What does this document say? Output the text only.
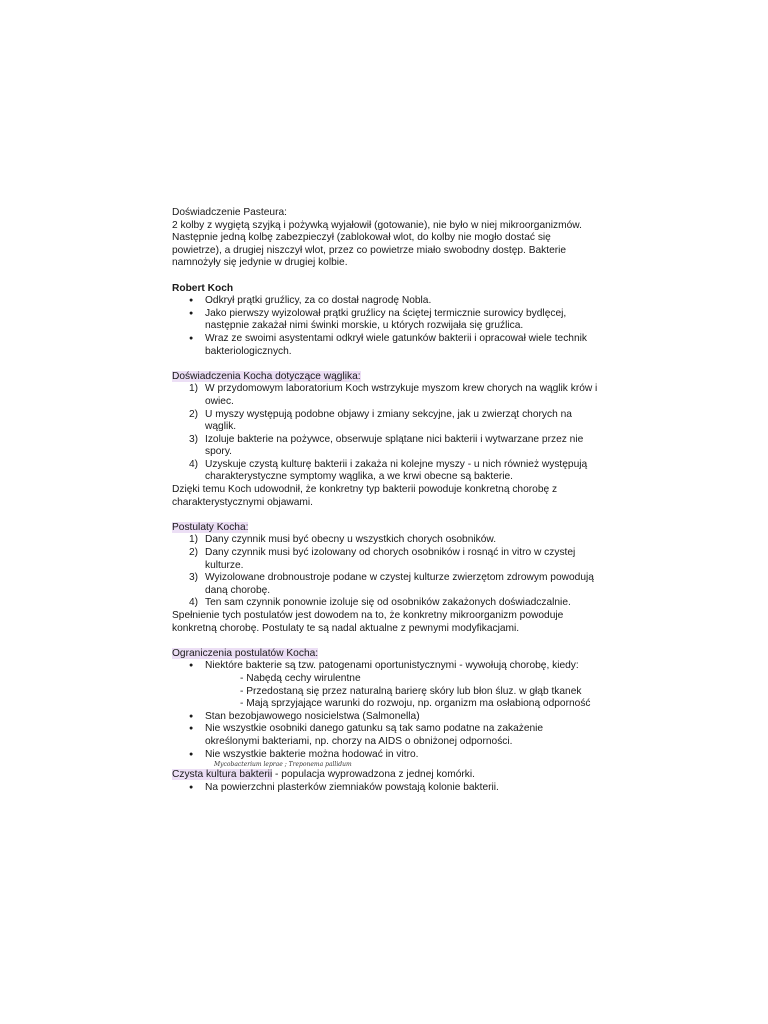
Doświadczenie Pasteura:

2 kolby z wygiętą szyjką i pożywką wyjałowił (gotowanie), nie było w niej mikroorganizmów. Następnie jedną kolbę zabezpieczył (zablokował wlot, do kolby nie mogło dostać się powietrze), a drugiej niszczył wlot, przez co powietrze miało swobodny dostęp. Bakterie namnożyły się jedynie w drugiej kolbie.

Robert Koch

● Odkrył prątki gruźlicy, za co dostał nagrodę Nobla.
● Jako pierwszy wyizolował prątki gruźlicy na ściętej termicznie surowicy bydlęcej, następnie zakażał nimi świnki morskie, u których rozwijała się gruźlica.
● Wraz ze swoimi asystentami odkrył wiele gatunków bakterii i opracował wiele technik bakteriologicznych.

Doświadczenia Kocha dotyczące wąglika:

1) W przydomowym laboratorium Koch wstrzykuje myszom krew chorych na wąglik krów i owiec.
2) U myszy występują podobne objawy i zmiany sekcyjne, jak u zwierząt chorych na wąglik.
3) Izoluje bakterie na pożywce, obserwuje splątane nici bakterii i wytwarzane przez nie spory.
4) Uzyskuje czystą kulturę bakterii i zakaża ni kolejne myszy - u nich również występują charakterystyczne symptomy wąglika, a we krwi obecne są bakterie.

Dzięki temu Koch udowodnił, że konkretny typ bakterii powoduje konkretną chorobę z charakterystycznymi objawami.

Postulaty Kocha:

1) Dany czynnik musi być obecny u wszystkich chorych osobników.
2) Dany czynnik musi być izolowany od chorych osobników i rosnąć in vitro w czystej kulturze.
3) Wyizolowane drobnoustroje podane w czystej kulturze zwierzętom zdrowym powodują daną chorobę.
4) Ten sam czynnik ponownie izoluje się od osobników zakażonych doświadczalnie.

Spełnienie tych postulatów jest dowodem na to, że konkretny mikroorganizm powoduje konkretną chorobę. Postulaty te są nadal aktualne z pewnymi modyfikacjami.

Ograniczenia postulatów Kocha:

● Niektóre bakterie są tzw. patogenami oportunistycznymi - wywołują chorobę, kiedy:

- Nabędą cechy wirulentne

- Przedostaną się przez naturalną barierę skóry lub błon śluz. w głąb tkanek

- Mają sprzyjające warunki do rozwoju, np. organizm ma osłabioną odporność

● Stan bezobjawowego nosicielstwa (Salmonella)
● Nie wszystkie osobniki danego gatunku są tak samo podatne na zakażenie określonymi bakteriami, np. chorzy na AIDS o obniżonej odporności.
● Nie wszystkie bakterie można hodować in vitro.

Mycobacterium leprae ; Treponema pallidum

Czysta kultura bakterii - populacja wyprowadzona z jednej komórki.

● Na powierzchni plasterków ziemniaków powstają kolonie bakterii.
